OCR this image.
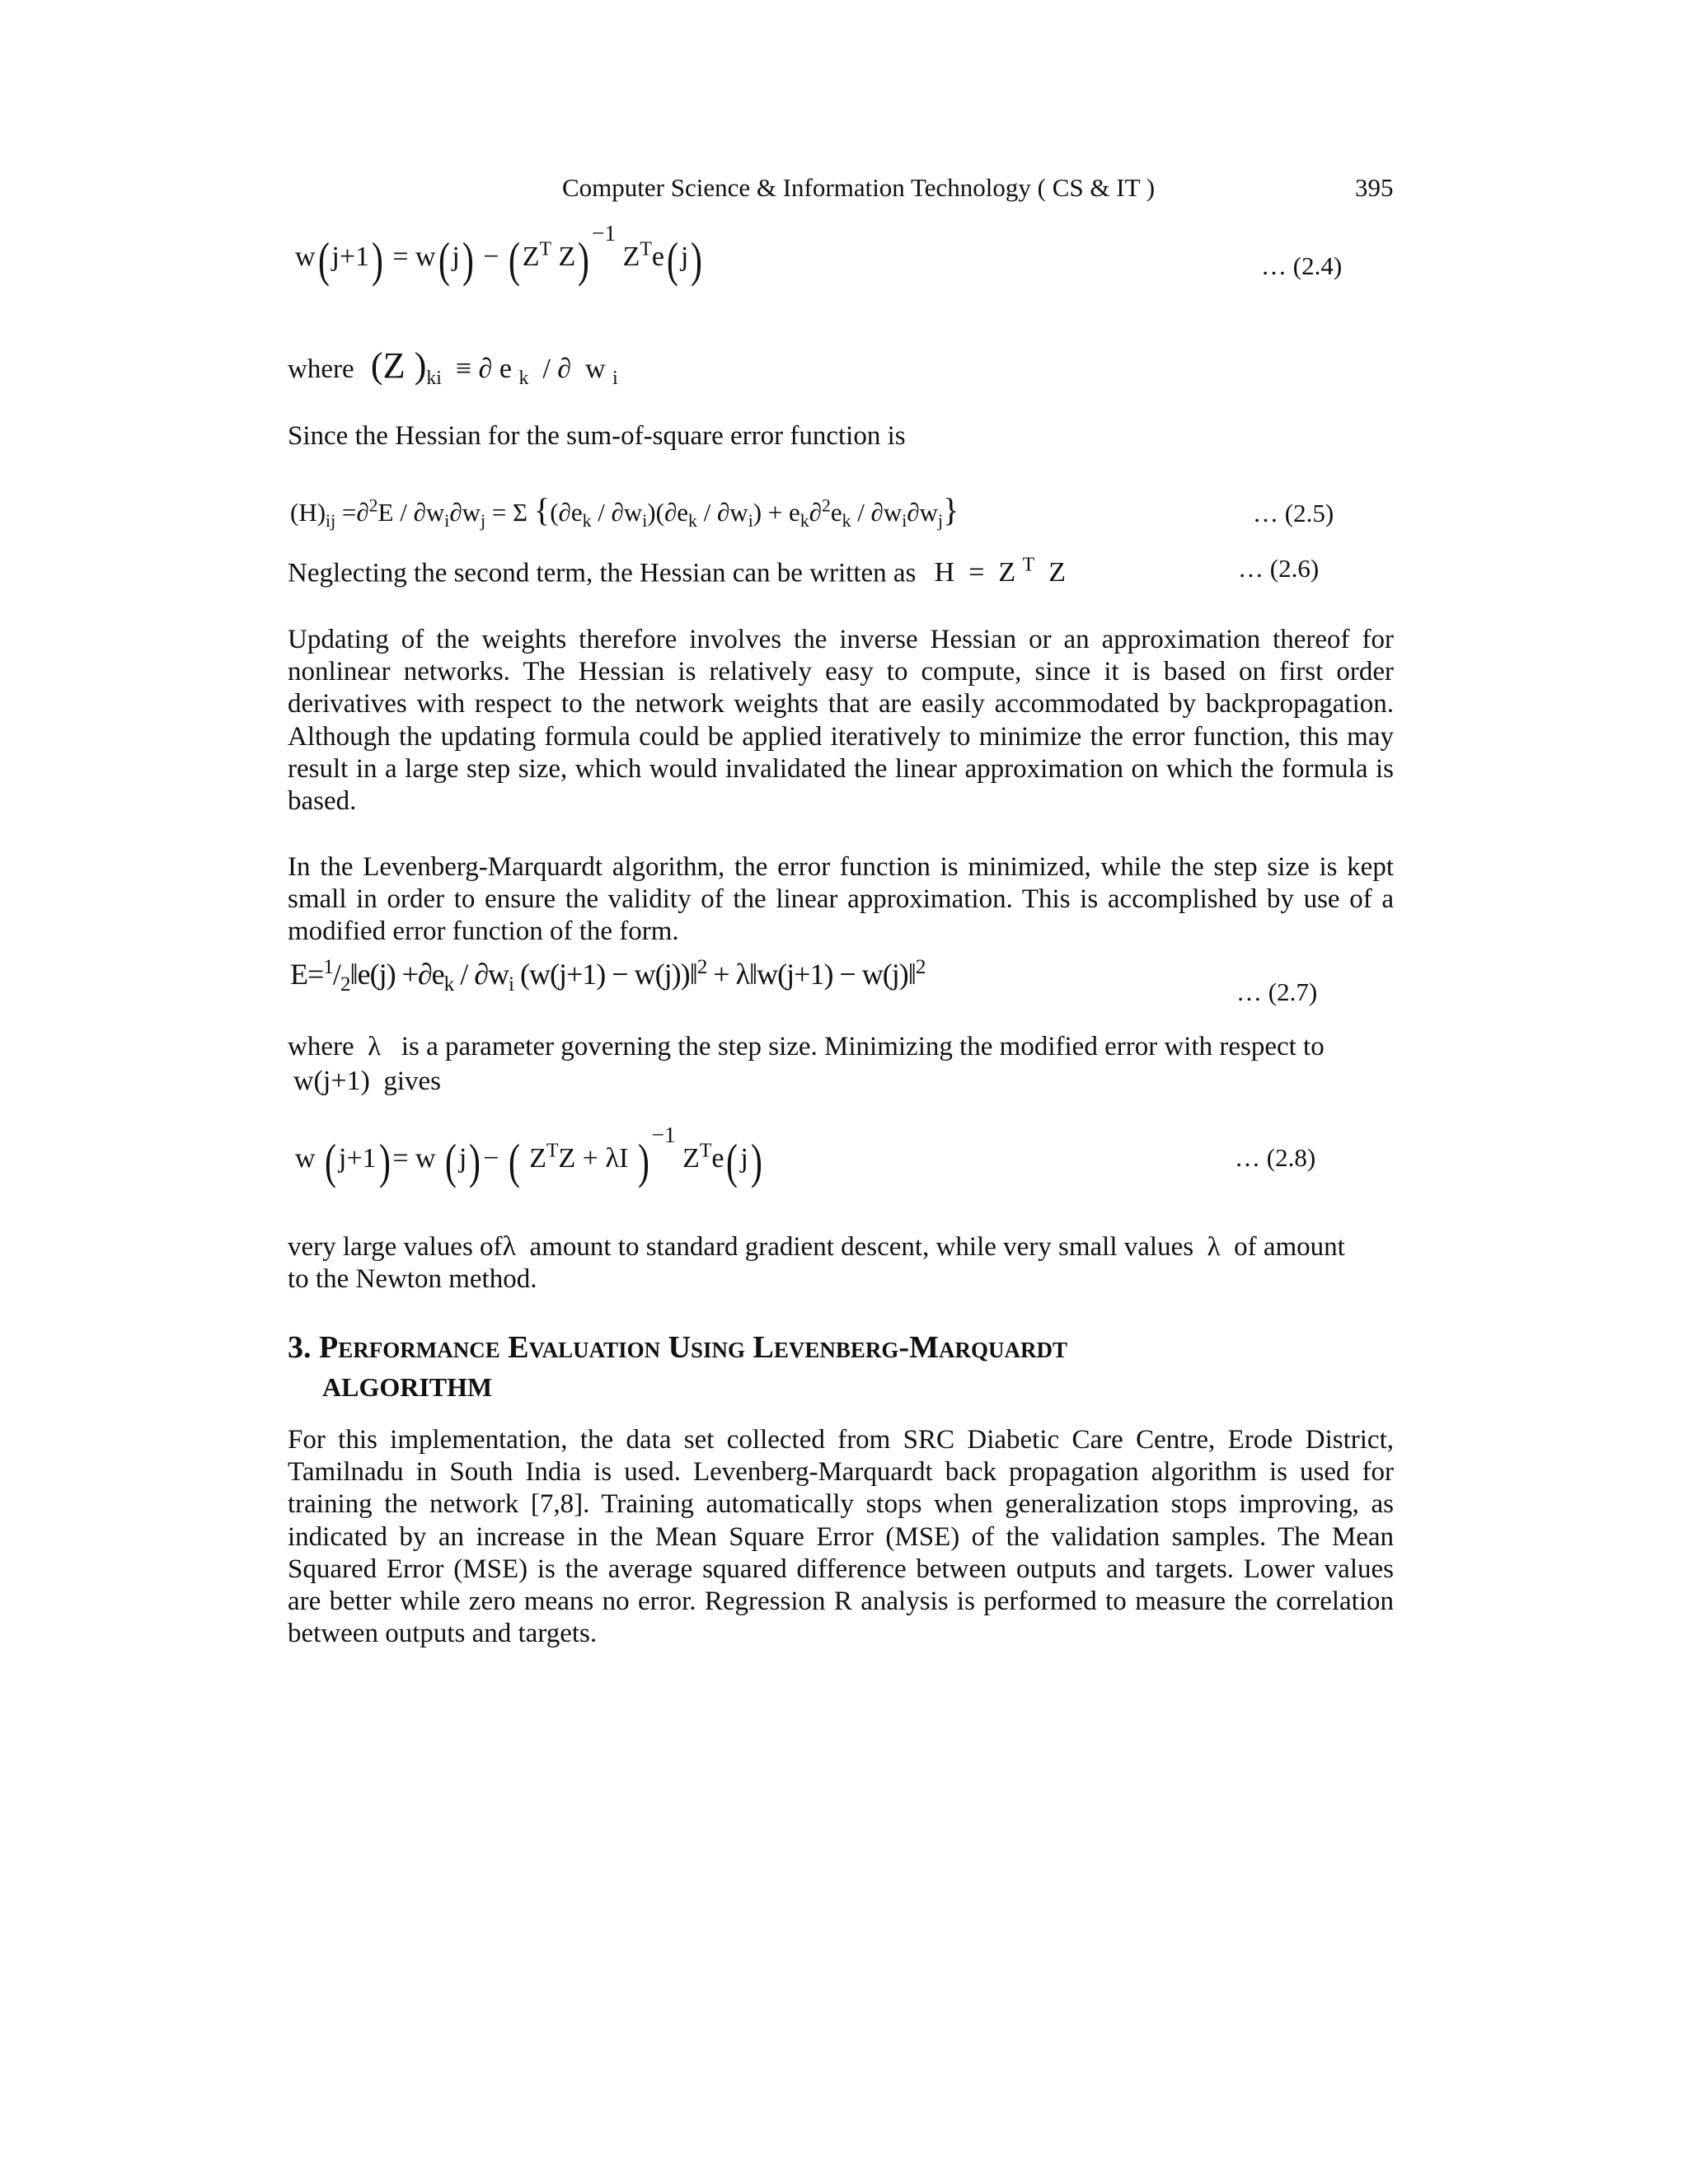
Computer Science & Information Technology ( CS & IT )	395
$w(j+1) = w(j) - (Z^T$ Z) $^{-1}$ $Z^Te(j)$	… (2.4)
where (Z )$_{ki}$  ≡ ∂ e $_k$  / ∂  w $_i$
Since the Hessian for the sum-of-square error function is
$(H)_{ij} =\partial^2E / \partial w_i\partial w_j = \Sigma$ $\{(\partial e_k / \partial w_i)(\partial e_k / \partial w_i) + e_k\partial^2e_k / \partial w_i\partial w_j\}$	… (2.5)
Neglecting the second term, the Hessian can be written as H  =  Z $^T$  Z	… (2.6)
Updating of the weights therefore involves the inverse Hessian or an approximation thereof for nonlinear networks. The Hessian is relatively easy to compute, since it is based on first order derivatives with respect to the network weights that are easily accommodated by backpropagation. Although the updating formula could be applied iteratively to minimize the error function, this may result in a large step size, which would invalidated the linear approximation on which the formula is based.
In the Levenberg-Marquardt algorithm, the error function is minimized, while the step size is kept small in order to ensure the validity of the linear approximation. This is accomplished by use of a modified error function of the form.
$E=^1/_2‖e(j) +\partial e_k / \partial w_i$ (w(j+1) − w(j))‖$^2$ + λ‖w(j+1) − w(j)‖$^2$
… (2.7)
where  λ   is a parameter governing the step size. Minimizing the modified error with respect to
w(j+1) gives
w (j+1)= w (j)− ( $Z^TZ + \lambda I$ ) $^{-1}$ $Z^Te(j)$	… (2.8)
very large values ofλ amount to standard gradient descent, while very small values  λ  of amount
to the Newton method.
3. Performance Evaluation Using Levenberg-Marquardt
ALGORITHM
For this implementation, the data set collected from SRC Diabetic Care Centre, Erode District, Tamilnadu in South India is used. Levenberg-Marquardt back propagation algorithm is used for training the network [7,8]. Training automatically stops when generalization stops improving, as indicated by an increase in the Mean Square Error (MSE) of the validation samples. The Mean Squared Error (MSE) is the average squared difference between outputs and targets. Lower values are better while zero means no error. Regression R analysis is performed to measure the correlation between outputs and targets.
